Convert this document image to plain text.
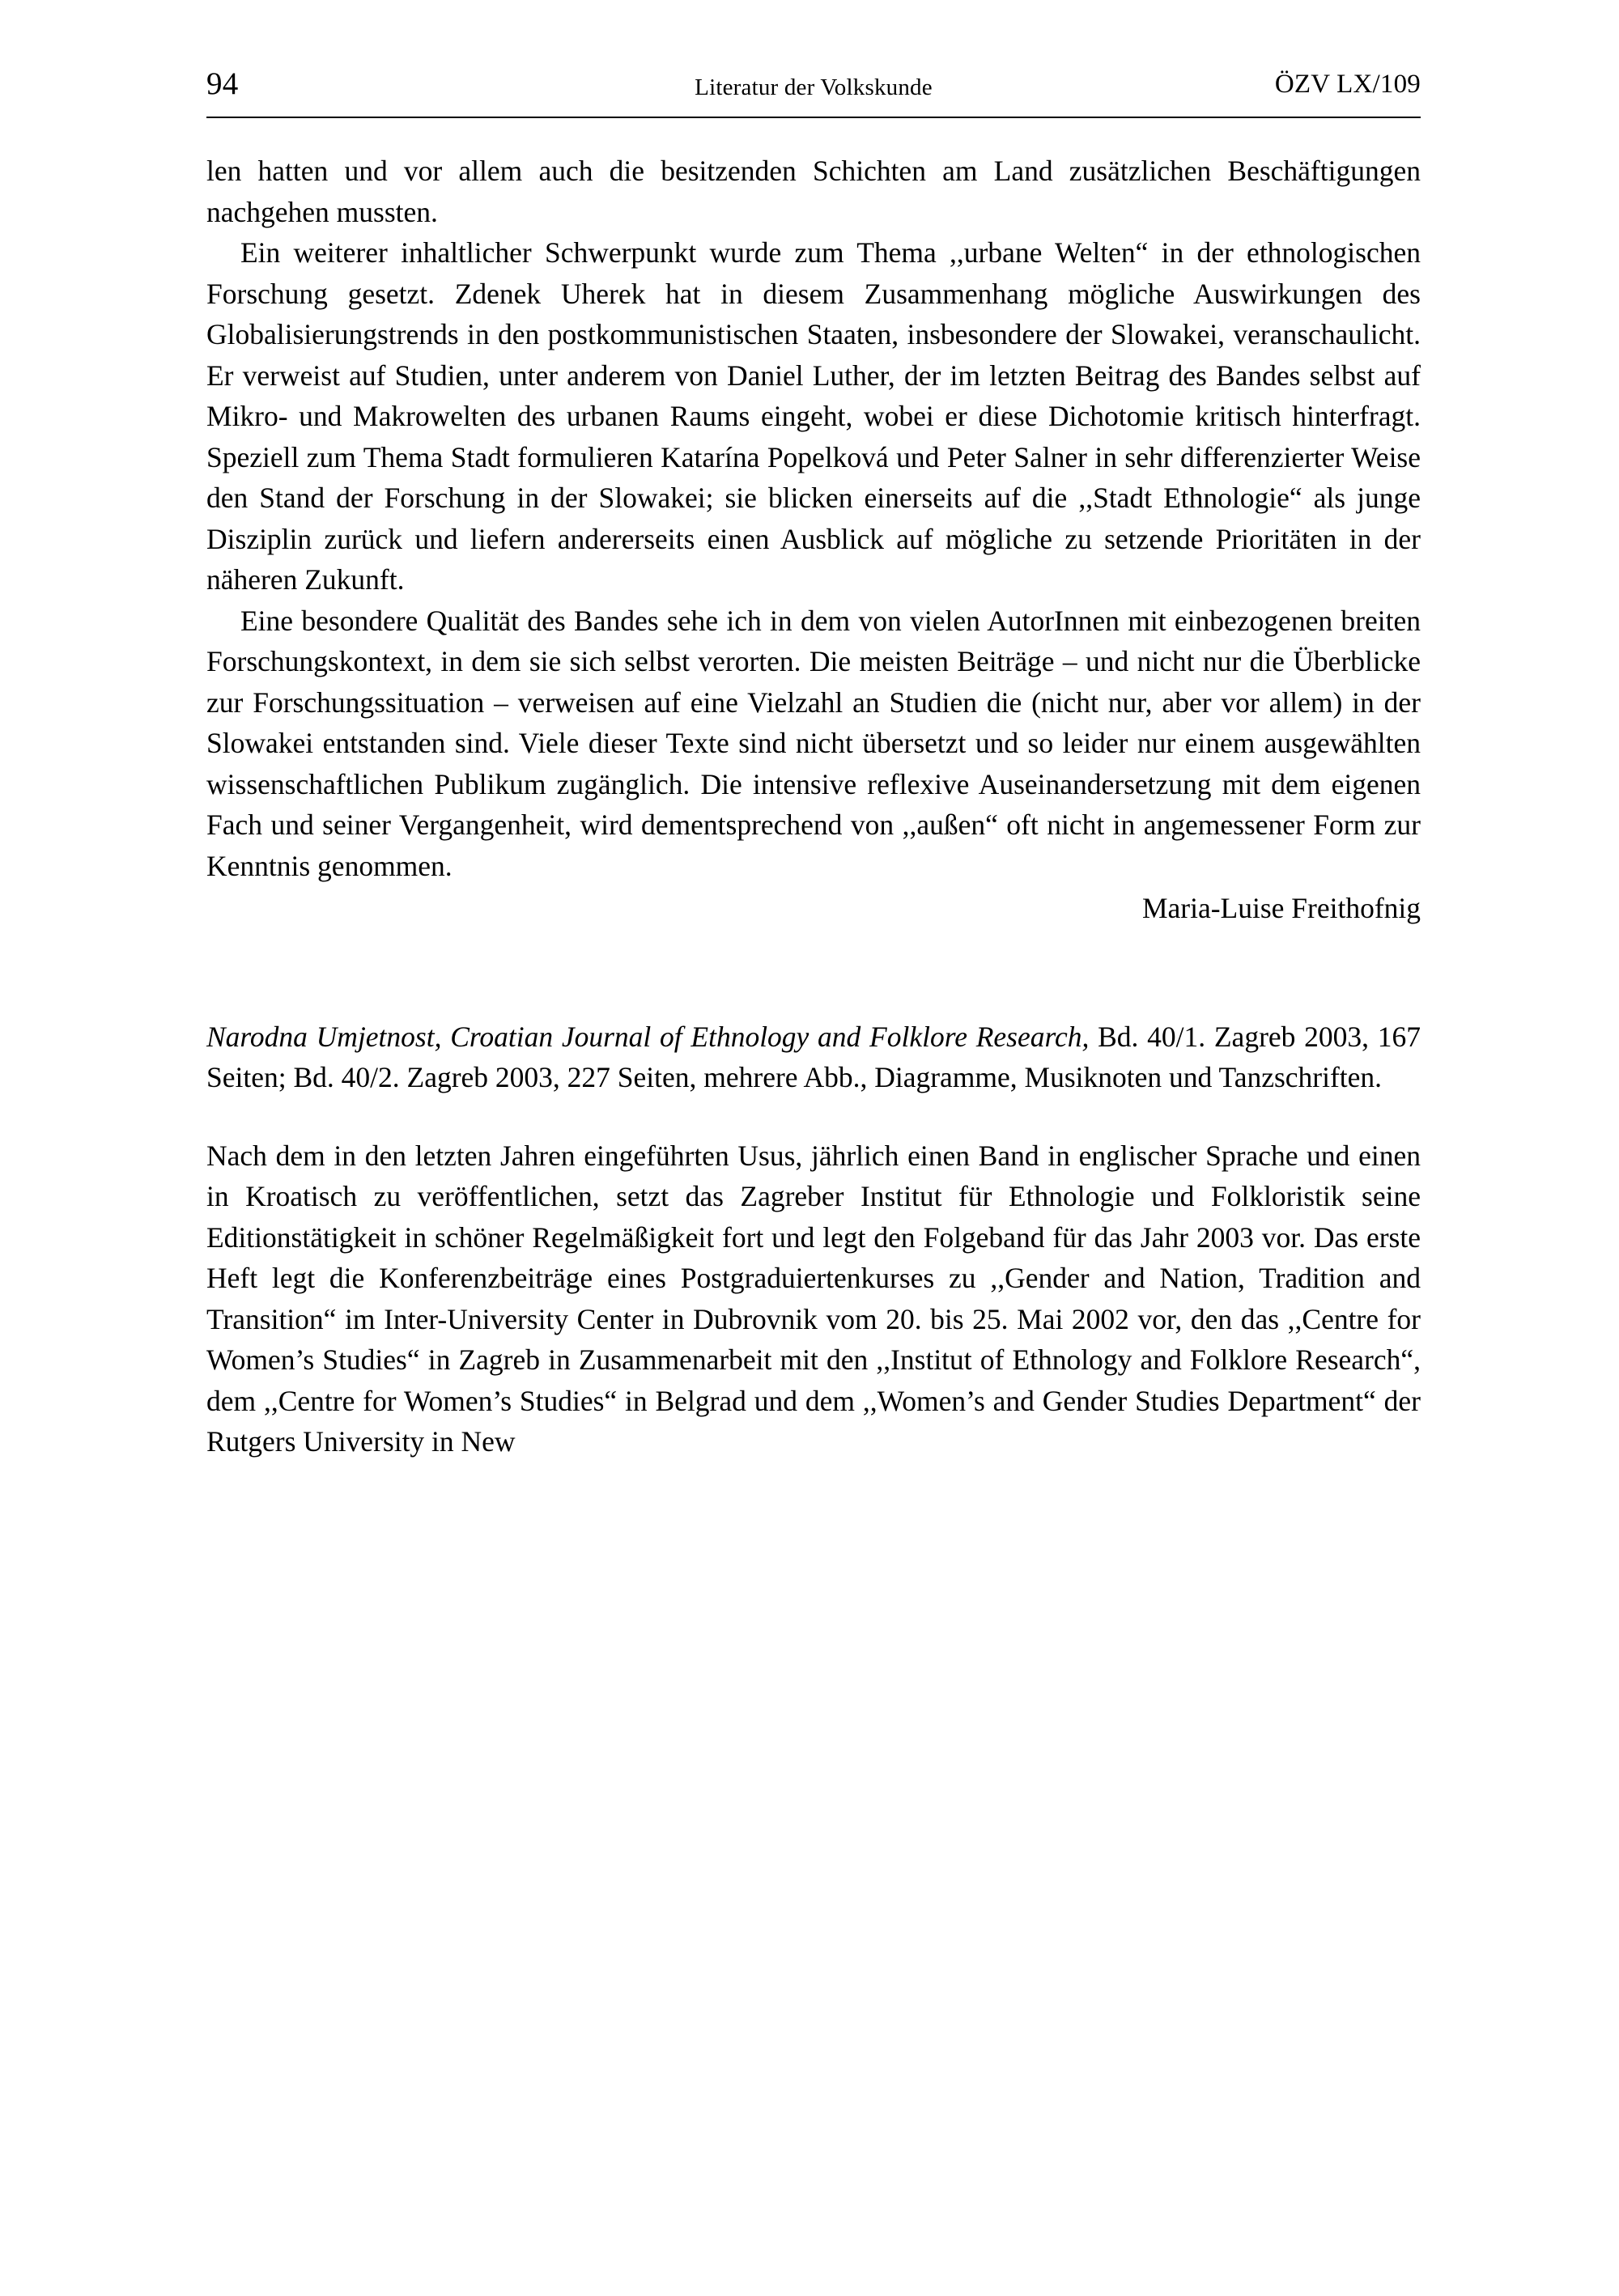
94	Literatur der Volkskunde	ÖZV LX/109

len hatten und vor allem auch die besitzenden Schichten am Land zusätzlichen Beschäftigungen nachgehen mussten.

Ein weiterer inhaltlicher Schwerpunkt wurde zum Thema ,,urbane Welten“ in der ethnologischen Forschung gesetzt. Zdenek Uherek hat in diesem Zusammenhang mögliche Auswirkungen des Globalisierungstrends in den postkommunistischen Staaten, insbesondere der Slowakei, veranschaulicht. Er verweist auf Studien, unter anderem von Daniel Luther, der im letzten Beitrag des Bandes selbst auf Mikro- und Makrowelten des urbanen Raums eingeht, wobei er diese Dichotomie kritisch hinterfragt. Speziell zum Thema Stadt formulieren Katarína Popelková und Peter Salner in sehr differenzierter Weise den Stand der Forschung in der Slowakei; sie blicken einerseits auf die ,,Stadt Ethnologie“ als junge Disziplin zurück und liefern andererseits einen Ausblick auf mögliche zu setzende Prioritäten in der näheren Zukunft.

Eine besondere Qualität des Bandes sehe ich in dem von vielen AutorInnen mit einbezogenen breiten Forschungskontext, in dem sie sich selbst verorten. Die meisten Beiträge – und nicht nur die Überblicke zur Forschungssituation – verweisen auf eine Vielzahl an Studien die (nicht nur, aber vor allem) in der Slowakei entstanden sind. Viele dieser Texte sind nicht übersetzt und so leider nur einem ausgewählten wissenschaftlichen Publikum zugänglich. Die intensive reflexive Auseinandersetzung mit dem eigenen Fach und seiner Vergangenheit, wird dementsprechend von ,,außen“ oft nicht in angemessener Form zur Kenntnis genommen.

Maria-Luise Freithofnig
Narodna Umjetnost, Croatian Journal of Ethnology and Folklore Research, Bd. 40/1. Zagreb 2003, 167 Seiten; Bd. 40/2. Zagreb 2003, 227 Seiten, mehrere Abb., Diagramme, Musiknoten und Tanzschriften.

Nach dem in den letzten Jahren eingeführten Usus, jährlich einen Band in englischer Sprache und einen in Kroatisch zu veröffentlichen, setzt das Zagreber Institut für Ethnologie und Folkloristik seine Editionstätigkeit in schöner Regelmäßigkeit fort und legt den Folgeband für das Jahr 2003 vor. Das erste Heft legt die Konferenzbeiträge eines Postgraduiertenkurses zu ,,Gender and Nation, Tradition and Transition“ im Inter-University Center in Dubrovnik vom 20. bis 25. Mai 2002 vor, den das ,,Centre for Women’s Studies“ in Zagreb in Zusammenarbeit mit den ,,Institut of Ethnology and Folklore Research“, dem ,,Centre for Women’s Studies“ in Belgrad und dem ,,Women’s and Gender Studies Department“ der Rutgers University in New
